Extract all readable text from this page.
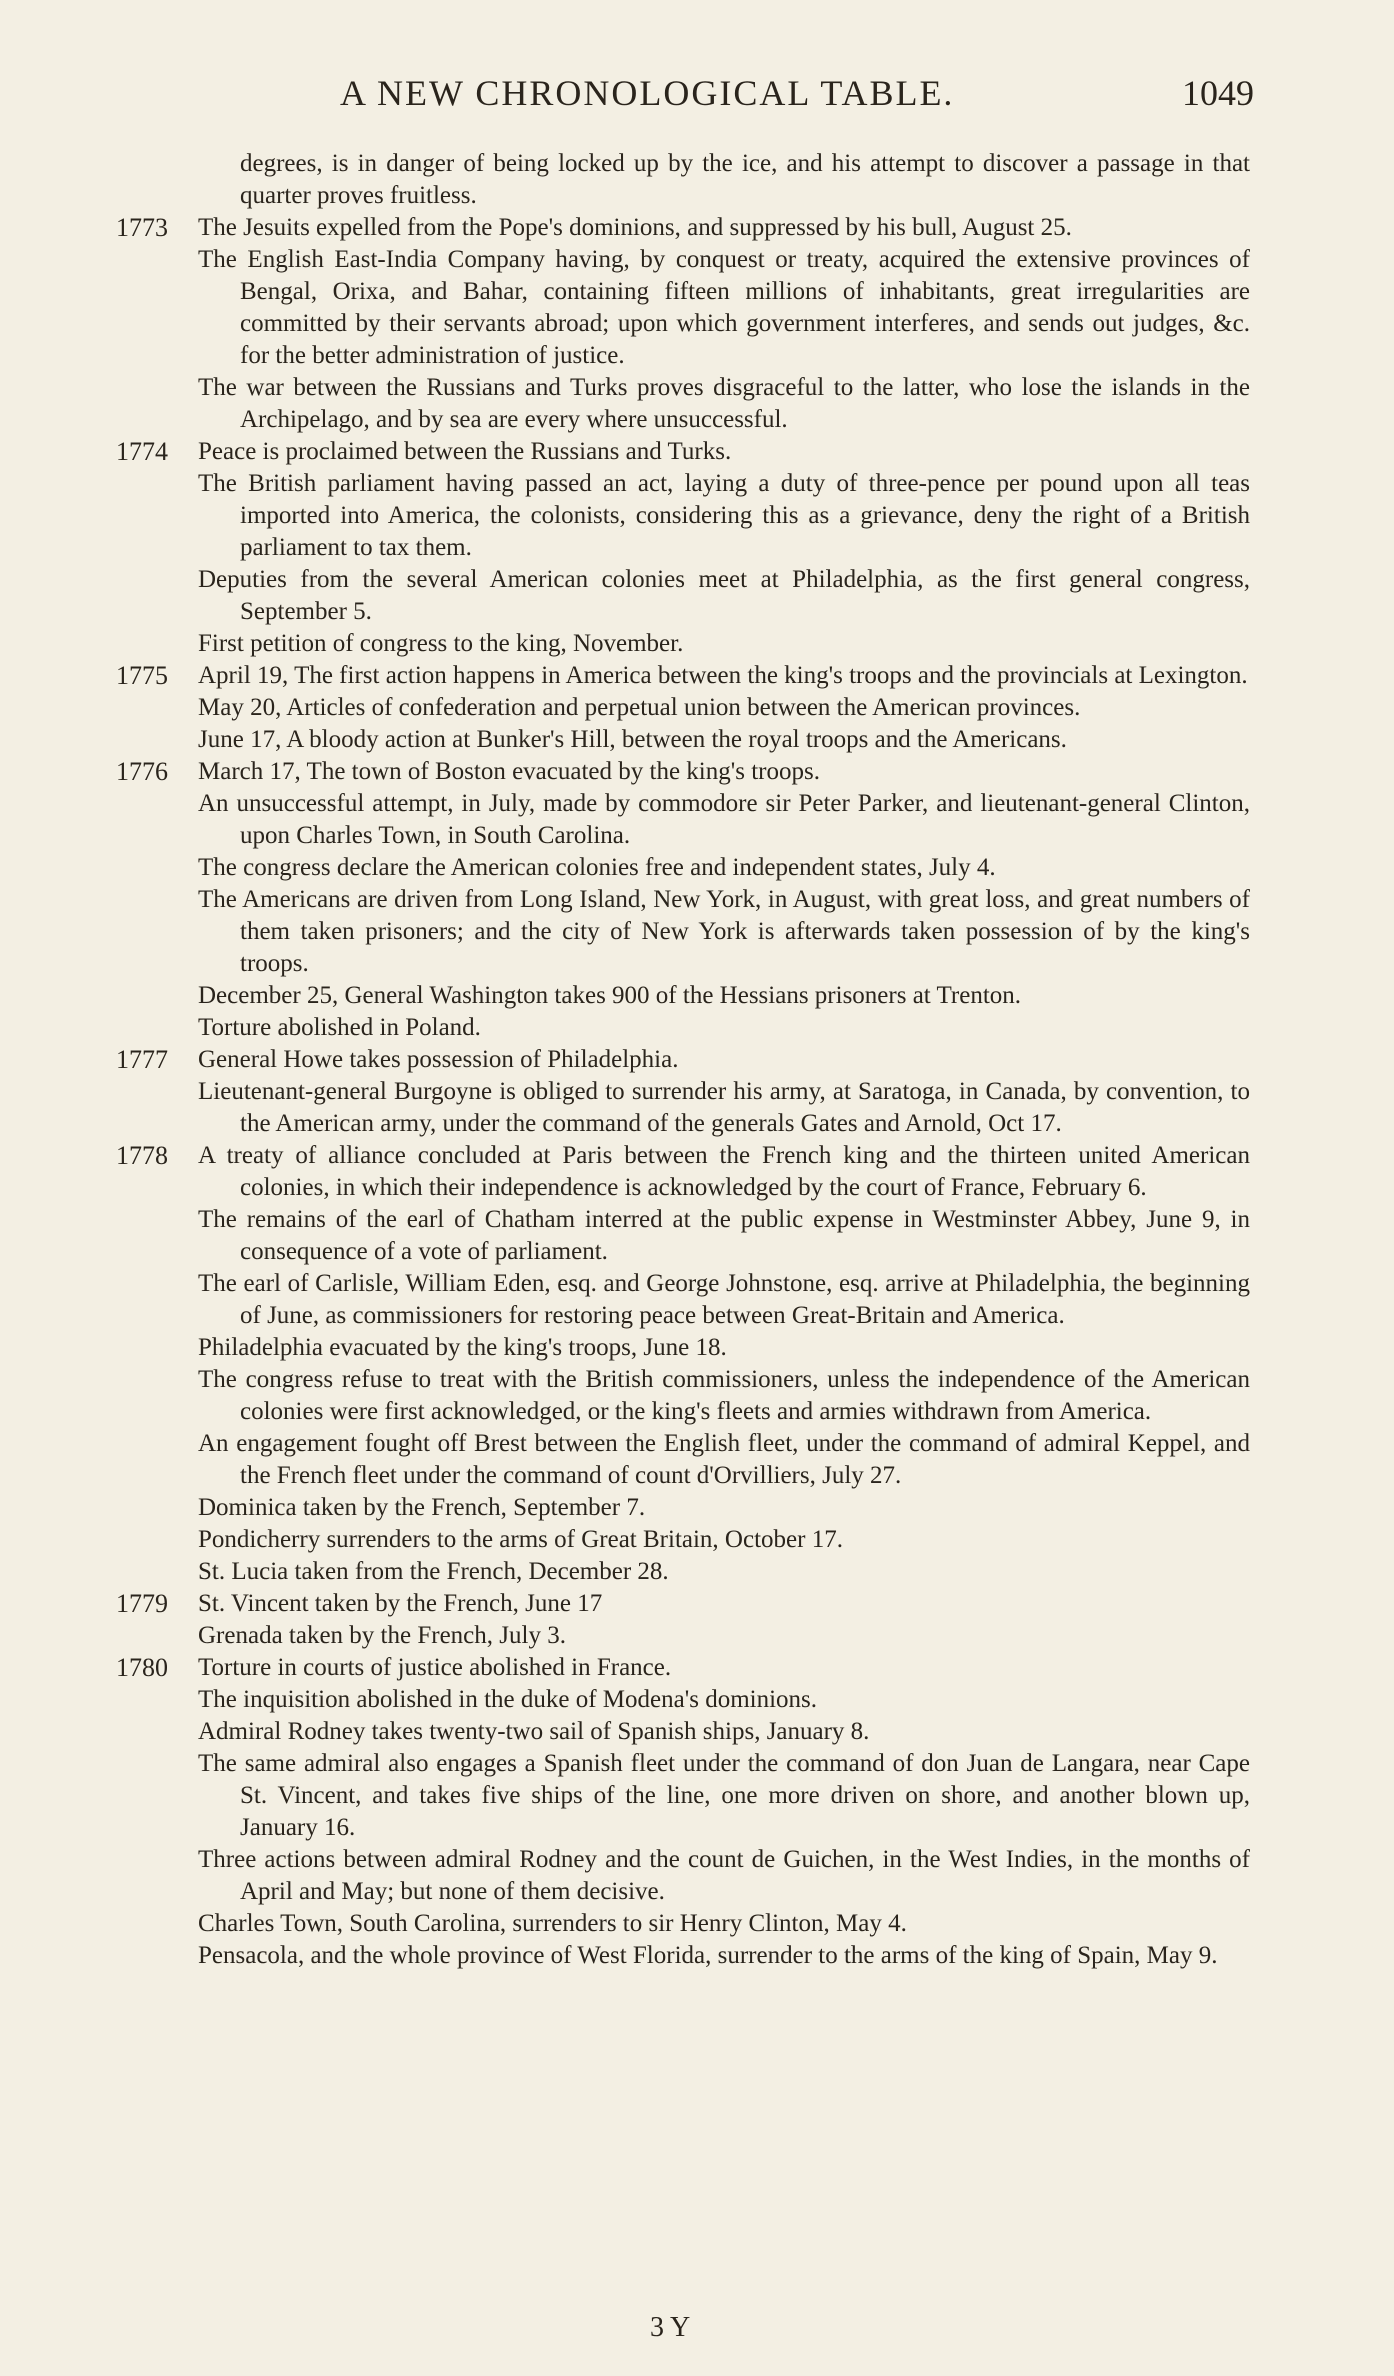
A NEW CHRONOLOGICAL TABLE.	1049
degrees, is in danger of being locked up by the ice, and his attempt to discover a passage in that quarter proves fruitless.
1773 The Jesuits expelled from the Pope's dominions, and suppressed by his bull, August 25.
The English East-India Company having, by conquest or treaty, acquired the extensive provinces of Bengal, Orixa, and Bahar, containing fifteen millions of inhabitants, great irregularities are committed by their servants abroad; upon which government interferes, and sends out judges, &c. for the better administration of justice.
The war between the Russians and Turks proves disgraceful to the latter, who lose the islands in the Archipelago, and by sea are every where unsuccessful.
1774 Peace is proclaimed between the Russians and Turks.
The British parliament having passed an act, laying a duty of three-pence per pound upon all teas imported into America, the colonists, considering this as a grievance, deny the right of a British parliament to tax them.
Deputies from the several American colonies meet at Philadelphia, as the first general congress, September 5.
First petition of congress to the king, November.
1775 April 19, The first action happens in America between the king's troops and the provincials at Lexington.
May 20, Articles of confederation and perpetual union between the American provinces.
June 17, A bloody action at Bunker's Hill, between the royal troops and the Americans.
1776 March 17, The town of Boston evacuated by the king's troops.
An unsuccessful attempt, in July, made by commodore sir Peter Parker, and lieutenant-general Clinton, upon Charles Town, in South Carolina.
The congress declare the American colonies free and independent states, July 4.
The Americans are driven from Long Island, New York, in August, with great loss, and great numbers of them taken prisoners; and the city of New York is afterwards taken possession of by the king's troops.
December 25, General Washington takes 900 of the Hessians prisoners at Trenton.
Torture abolished in Poland.
1777 General Howe takes possession of Philadelphia.
Lieutenant-general Burgoyne is obliged to surrender his army, at Saratoga, in Canada, by convention, to the American army, under the command of the generals Gates and Arnold, Oct 17.
1778 A treaty of alliance concluded at Paris between the French king and the thirteen united American colonies, in which their independence is acknowledged by the court of France, February 6.
The remains of the earl of Chatham interred at the public expense in Westminster Abbey, June 9, in consequence of a vote of parliament.
The earl of Carlisle, William Eden, esq. and George Johnstone, esq. arrive at Philadelphia, the beginning of June, as commissioners for restoring peace between Great-Britain and America.
Philadelphia evacuated by the king's troops, June 18.
The congress refuse to treat with the British commissioners, unless the independence of the American colonies were first acknowledged, or the king's fleets and armies withdrawn from America.
An engagement fought off Brest between the English fleet, under the command of admiral Keppel, and the French fleet under the command of count d'Orvilliers, July 27.
Dominica taken by the French, September 7.
Pondicherry surrenders to the arms of Great Britain, October 17.
St. Lucia taken from the French, December 28.
1779 St. Vincent taken by the French, June 17
Grenada taken by the French, July 3.
1780 Torture in courts of justice abolished in France.
The inquisition abolished in the duke of Modena's dominions.
Admiral Rodney takes twenty-two sail of Spanish ships, January 8.
The same admiral also engages a Spanish fleet under the command of don Juan de Langara, near Cape St. Vincent, and takes five ships of the line, one more driven on shore, and another blown up, January 16.
Three actions between admiral Rodney and the count de Guichen, in the West Indies, in the months of April and May; but none of them decisive.
Charles Town, South Carolina, surrenders to sir Henry Clinton, May 4.
Pensacola, and the whole province of West Florida, surrender to the arms of the king of Spain, May 9.
3 Y
